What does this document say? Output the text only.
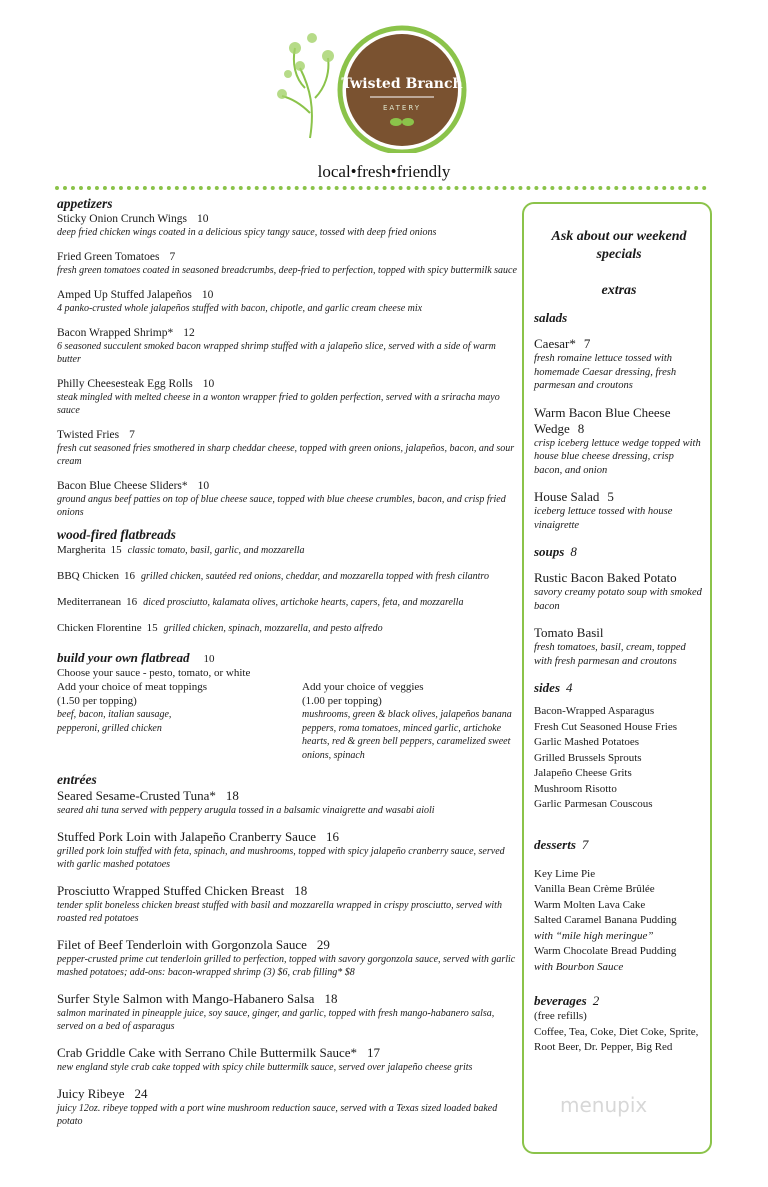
Twisted Branch
EATERY
local•fresh•friendly
appetizers
Sticky Onion Crunch Wings 10
deep fried chicken wings coated in a delicious spicy tangy sauce, tossed with deep fried onions
Fried Green Tomatoes 7
fresh green tomatoes coated in seasoned breadcrumbs, deep-fried to perfection, topped with spicy buttermilk sauce
Amped Up Stuffed Jalapeños 10
4 panko-crusted whole jalapeños stuffed with bacon, chipotle, and garlic cream cheese mix
Bacon Wrapped Shrimp* 12
6 seasoned succulent smoked bacon wrapped shrimp stuffed with a jalapeño slice, served with a side of warm butter
Philly Cheesesteak Egg Rolls 10
steak mingled with melted cheese in a wonton wrapper fried to golden perfection, served with a sriracha mayo sauce
Twisted Fries 7
fresh cut seasoned fries smothered in sharp cheddar cheese, topped with green onions, jalapeños, bacon, and sour cream
Bacon Blue Cheese Sliders* 10
ground angus beef patties on top of blue cheese sauce, topped with blue cheese crumbles, bacon, and crisp fried onions
wood-fired flatbreads
Margherita 15 classic tomato, basil, garlic, and mozzarella
BBQ Chicken 16 grilled chicken, sautéed red onions, cheddar, and mozzarella topped with fresh cilantro
Mediterranean 16 diced prosciutto, kalamata olives, artichoke hearts, capers, feta, and mozzarella
Chicken Florentine 15 grilled chicken, spinach, mozzarella, and pesto alfredo
build your own flatbread 10
Choose your sauce - pesto, tomato, or white
Add your choice of meat toppings
(1.50 per topping)
beef, bacon, italian sausage, pepperoni, grilled chicken
Add your choice of veggies
(1.00 per topping)
mushrooms, green & black olives, jalapeños banana peppers, roma tomatoes, minced garlic, artichoke hearts, red & green bell peppers, caramelized sweet onions, spinach
entrées
Seared Sesame-Crusted Tuna* 18
seared ahi tuna served with peppery arugula tossed in a balsamic vinaigrette and wasabi aioli
Stuffed Pork Loin with Jalapeño Cranberry Sauce 16
grilled pork loin stuffed with feta, spinach, and mushrooms, topped with spicy jalapeño cranberry sauce, served with garlic mashed potatoes
Prosciutto Wrapped Stuffed Chicken Breast 18
tender split boneless chicken breast stuffed with basil and mozzarella wrapped in crispy prosciutto, served with roasted red potatoes
Filet of Beef Tenderloin with Gorgonzola Sauce 29
pepper-crusted prime cut tenderloin grilled to perfection, topped with savory gorgonzola sauce, served with garlic mashed potatoes; add-ons: bacon-wrapped shrimp (3) $6, crab filling* $8
Surfer Style Salmon with Mango-Habanero Salsa 18
salmon marinated in pineapple juice, soy sauce, ginger, and garlic, topped with fresh mango-habanero salsa, served on a bed of asparagus
Crab Griddle Cake with Serrano Chile Buttermilk Sauce* 17
new england style crab cake topped with spicy chile buttermilk sauce, served over jalapeño cheese grits
Juicy Ribeye 24
juicy 12oz. ribeye topped with a port wine mushroom reduction sauce, served with a Texas sized loaded baked potato
Ask about our weekend specials
extras
salads
Caesar* 7
fresh romaine lettuce tossed with homemade Caesar dressing, fresh parmesan and croutons
Warm Bacon Blue Cheese Wedge 8
crisp iceberg lettuce wedge topped with house blue cheese dressing, crisp bacon, and onion
House Salad 5
iceberg lettuce tossed with house vinaigrette
soups 8
Rustic Bacon Baked Potato
savory creamy potato soup with smoked bacon
Tomato Basil
fresh tomatoes, basil, cream, topped with fresh parmesan and croutons
sides 4
Bacon-Wrapped Asparagus
Fresh Cut Seasoned House Fries
Garlic Mashed Potatoes
Grilled Brussels Sprouts
Jalapeño Cheese Grits
Mushroom Risotto
Garlic Parmesan Couscous
desserts 7
Key Lime Pie
Vanilla Bean Crème Brûlée
Warm Molten Lava Cake
Salted Caramel Banana Pudding
with “mile high meringue”
Warm Chocolate Bread Pudding
with Bourbon Sauce
beverages 2
(free refills)
Coffee, Tea, Coke, Diet Coke, Sprite, Root Beer, Dr. Pepper, Big Red
menupix
